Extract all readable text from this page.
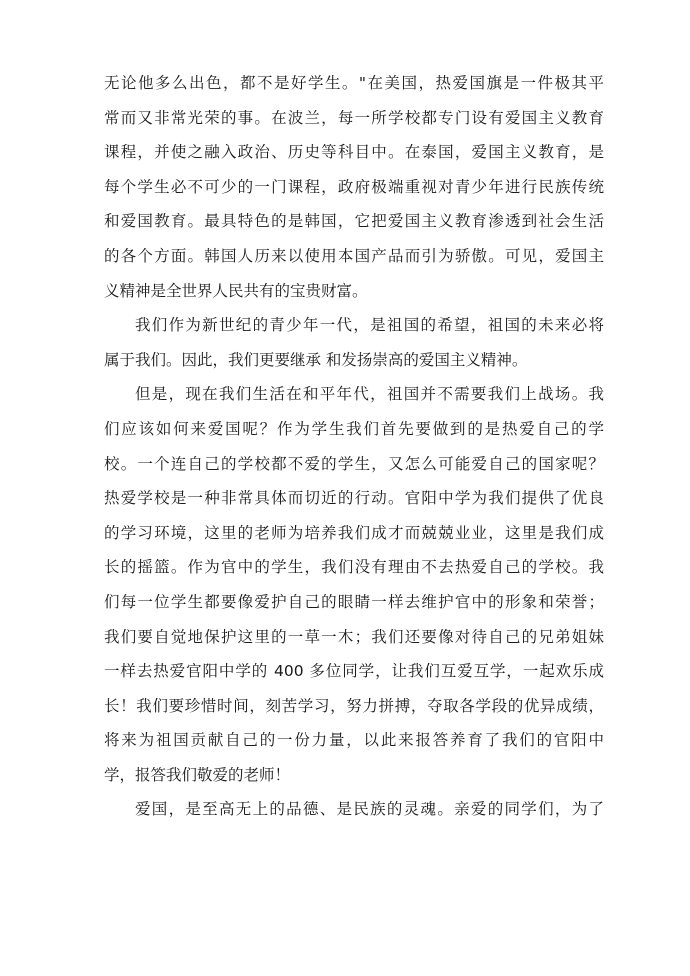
无论他多么出色，都不是好学生。"在美国，热爱国旗是一件极其平
常而又非常光荣的事。在波兰，每一所学校都专门设有爱国主义教育
课程，并使之融入政治、历史等科目中。在泰国，爱国主义教育，是
每个学生必不可少的一门课程，政府极端重视对青少年进行民族传统
和爱国教育。最具特色的是韩国，它把爱国主义教育渗透到社会生活
的各个方面。韩国人历来以使用本国产品而引为骄傲。可见，爱国主
义精神是全世界人民共有的宝贵财富。
我们作为新世纪的青少年一代，是祖国的希望，祖国的未来必将
属于我们。因此，我们更要继承 和发扬崇高的爱国主义精神。
但是，现在我们生活在和平年代，祖国并不需要我们上战场。我
们应该如何来爱国呢？作为学生我们首先要做到的是热爱自己的学
校。一个连自己的学校都不爱的学生，又怎么可能爱自己的国家呢？
热爱学校是一种非常具体而切近的行动。官阳中学为我们提供了优良
的学习环境，这里的老师为培养我们成才而兢兢业业，这里是我们成
长的摇篮。作为官中的学生，我们没有理由不去热爱自己的学校。我
们每一位学生都要像爱护自己的眼睛一样去维护官中的形象和荣誉；
我们要自觉地保护这里的一草一木；我们还要像对待自己的兄弟姐妹
一样去热爱官阳中学的 400 多位同学，让我们互爱互学，一起欢乐成
长！我们要珍惜时间，刻苦学习，努力拼搏，夺取各学段的优异成绩，
将来为祖国贡献自己的一份力量，以此来报答养育了我们的官阳中
学，报答我们敬爱的老师！
爱国，是至高无上的品德、是民族的灵魂。亲爱的同学们，为了
